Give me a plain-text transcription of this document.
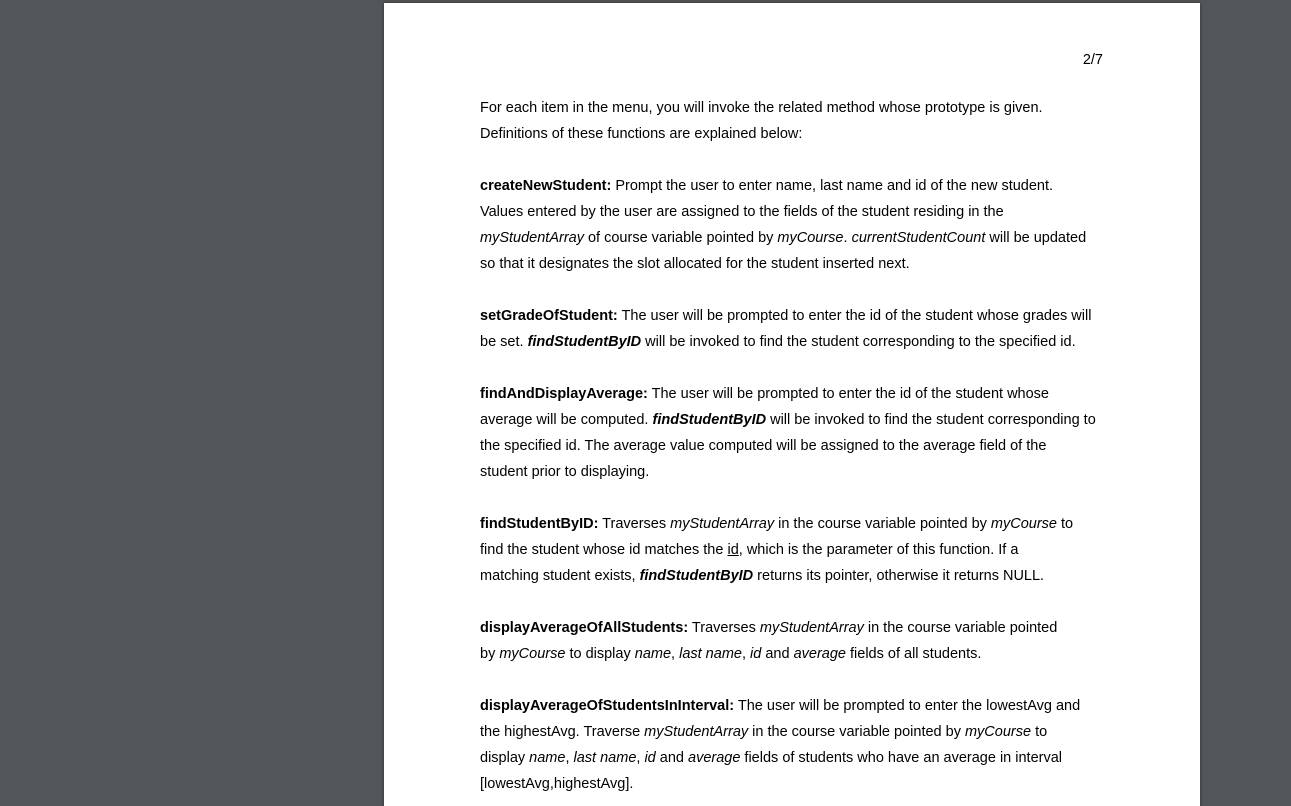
2/7

For each item in the menu, you will invoke the related method whose prototype is given.
Definitions of these functions are explained below:

createNewStudent: Prompt the user to enter name, last name and id of the new student.
Values entered by the user are assigned to the fields of the student residing in the
myStudentArray of course variable pointed by myCourse. currentStudentCount will be updated
so that it designates the slot allocated for the student inserted next.

setGradeOfStudent: The user will be prompted to enter the id of the student whose grades will
be set. findStudentByID will be invoked to find the student corresponding to the specified id.

findAndDisplayAverage: The user will be prompted to enter the id of the student whose
average will be computed. findStudentByID will be invoked to find the student corresponding to
the specified id. The average value computed will be assigned to the average field of the
student prior to displaying.

findStudentByID: Traverses myStudentArray in the course variable pointed by myCourse to
find the student whose id matches the id, which is the parameter of this function. If a
matching student exists, findStudentByID returns its pointer, otherwise it returns NULL.

displayAverageOfAllStudents: Traverses myStudentArray in the course variable pointed
by myCourse to display name, last name, id and average fields of all students.

displayAverageOfStudentsInInterval: The user will be prompted to enter the lowestAvg and
the highestAvg. Traverse myStudentArray in the course variable pointed by myCourse to
display name, last name, id and average fields of students who have an average in interval
[lowestAvg,highestAvg].
